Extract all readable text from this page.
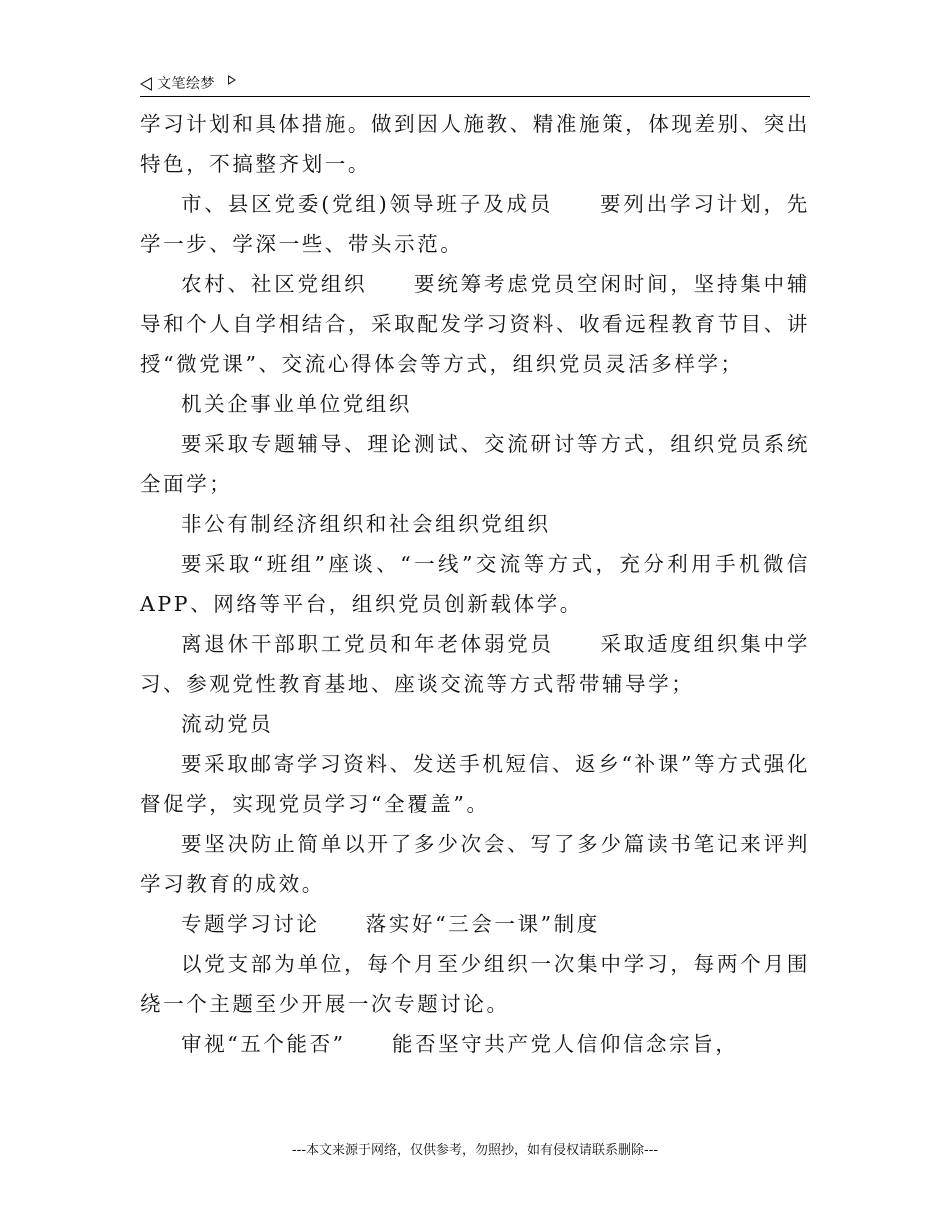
文笔绘梦

学习计划和具体措施。做到因人施教、精准施策，体现差别、突出特色，不搞整齐划一。

市、县区党委(党组)领导班子及成员　　要列出学习计划，先学一步、学深一些、带头示范。

农村、社区党组织　　要统筹考虑党员空闲时间，坚持集中辅导和个人自学相结合，采取配发学习资料、收看远程教育节目、讲授“微党课”、交流心得体会等方式，组织党员灵活多样学；

机关企事业单位党组织

要采取专题辅导、理论测试、交流研讨等方式，组织党员系统全面学；

非公有制经济组织和社会组织党组织

要采取“班组”座谈、“一线”交流等方式，充分利用手机微信APP、网络等平台，组织党员创新载体学。

离退休干部职工党员和年老体弱党员　　采取适度组织集中学习、参观党性教育基地、座谈交流等方式帮带辅导学；

流动党员

要采取邮寄学习资料、发送手机短信、返乡“补课”等方式强化督促学，实现党员学习“全覆盖”。

要坚决防止简单以开了多少次会、写了多少篇读书笔记来评判学习教育的成效。

专题学习讨论　　落实好“三会一课”制度

以党支部为单位，每个月至少组织一次集中学习，每两个月围绕一个主题至少开展一次专题讨论。

审视“五个能否”　　能否坚守共产党人信仰信念宗旨，

---本文来源于网络，仅供参考，勿照抄，如有侵权请联系删除---
